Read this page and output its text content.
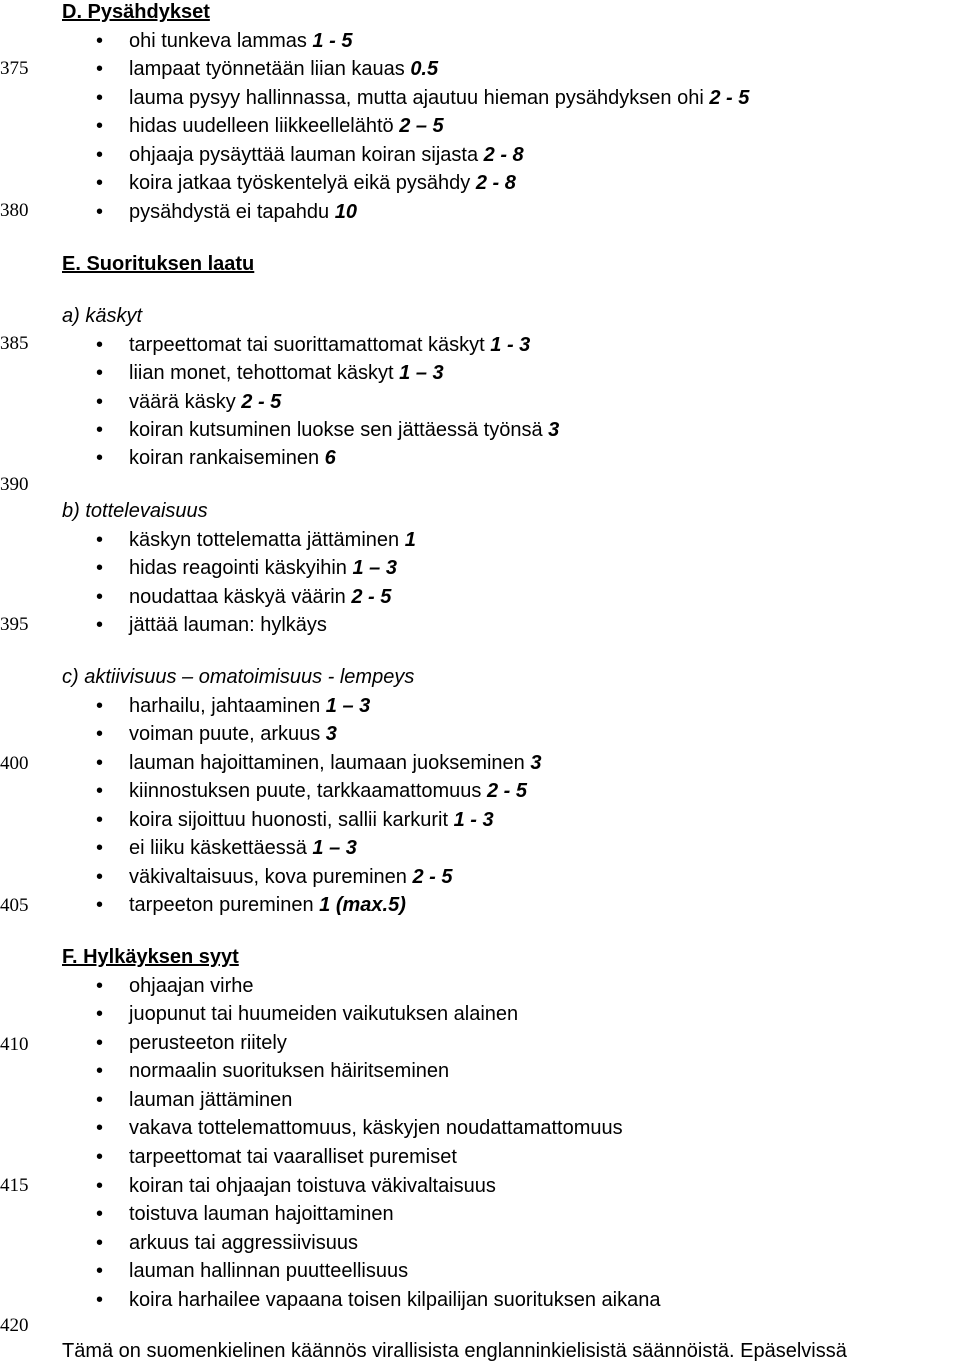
375
380
385
390
395
400
405
410
415
420
D. Pysähdykset
• ohi tunkeva lammas 1 - 5
• lampaat työnnetään liian kauas 0.5
• lauma pysyy hallinnassa, mutta ajautuu hieman pysähdyksen ohi 2 - 5
• hidas uudelleen liikkeellelähtö 2 – 5
• ohjaaja pysäyttää lauman koiran sijasta 2 - 8
• koira jatkaa työskentelyä eikä pysähdy 2 - 8
• pysähdystä ei tapahdu 10
E. Suorituksen laatu
a) käskyt
• tarpeettomat tai suorittamattomat käskyt 1 - 3
• liian monet, tehottomat käskyt 1 – 3
• väärä käsky 2 - 5
• koiran kutsuminen luokse sen jättäessä työnsä 3
• koiran rankaiseminen 6
b) tottelevaisuus
• käskyn tottelematta jättäminen 1
• hidas reagointi käskyihin 1 – 3
• noudattaa käskyä väärin 2 - 5
• jättää lauman: hylkäys
c) aktiivisuus – omatoimisuus - lempeys
• harhailu, jahtaaminen 1 – 3
• voiman puute, arkuus 3
• lauman hajoittaminen, laumaan juokseminen 3
• kiinnostuksen puute, tarkkaamattomuus 2 - 5
• koira sijoittuu huonosti, sallii karkurit 1 - 3
• ei liiku käskettäessä 1 – 3
• väkivaltaisuus, kova pureminen 2 - 5
• tarpeeton pureminen 1 (max.5)
F. Hylkäyksen syyt
• ohjaajan virhe
• juopunut tai huumeiden vaikutuksen alainen
• perusteeton riitely
• normaalin suorituksen häiritseminen
• lauman jättäminen
• vakava tottelemattomuus, käskyjen noudattamattomuus
• tarpeettomat tai vaaralliset puremiset
• koiran tai ohjaajan toistuva väkivaltaisuus
• toistuva lauman hajoittaminen
• arkuus tai aggressiivisuus
• lauman hallinnan puutteellisuus
• koira harhailee vapaana toisen kilpailijan suorituksen aikana
Tämä on suomenkielinen käännös virallisista englanninkielisistä säännöistä. Epäselvissä
